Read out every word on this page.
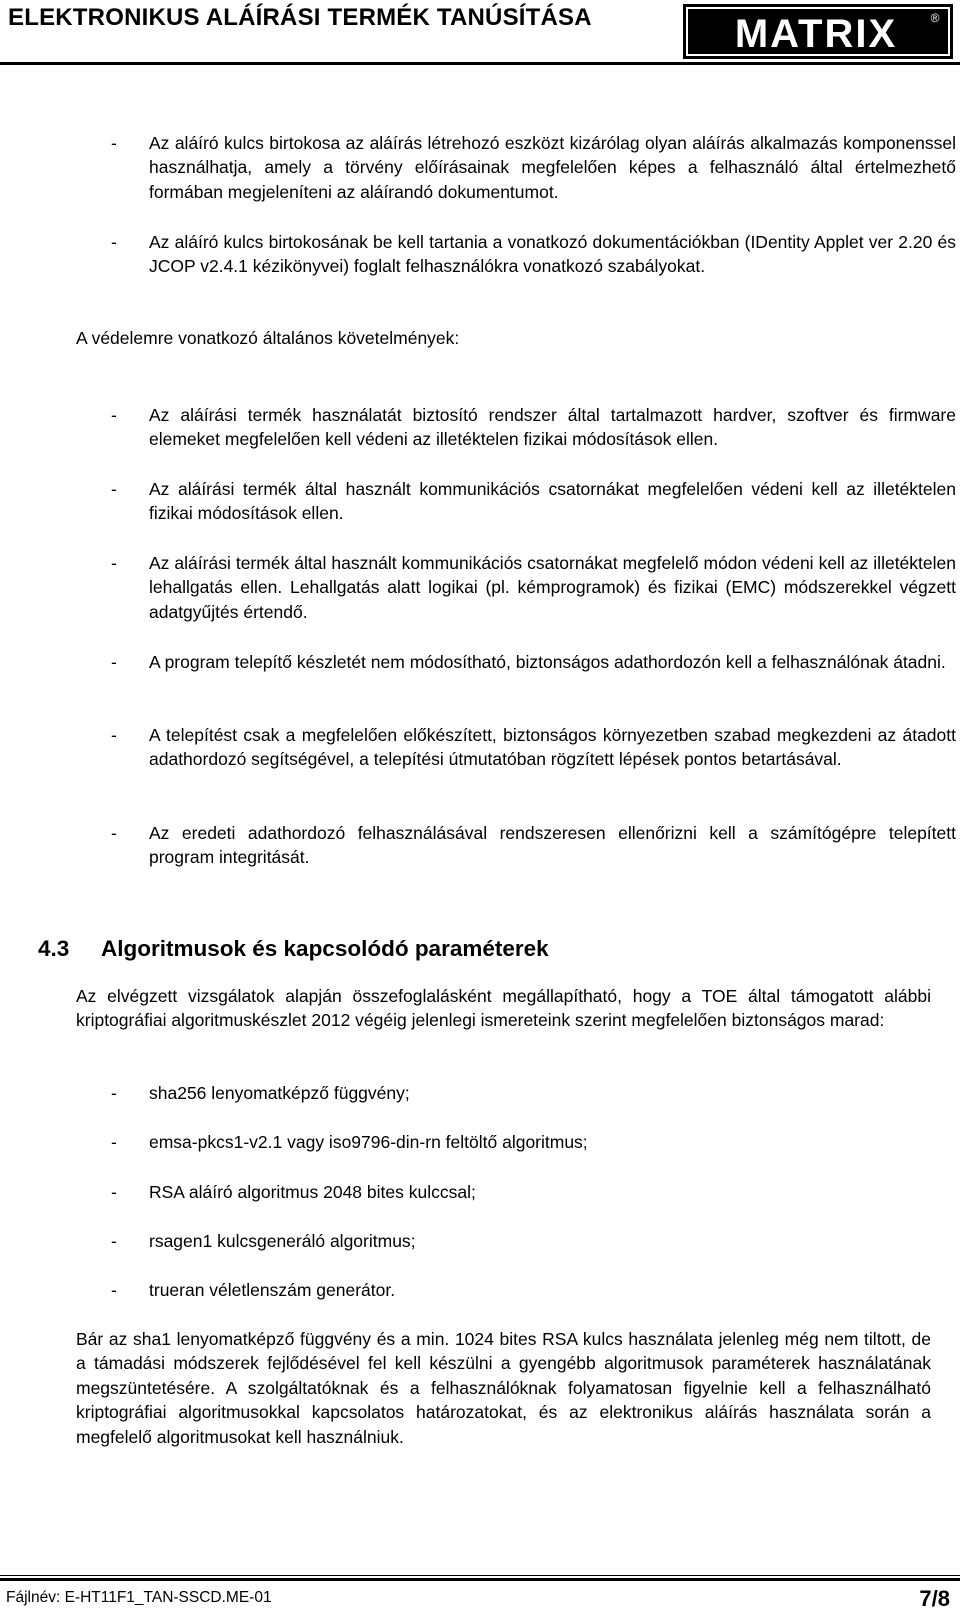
ELEKTRONIKUS ALÁÍRÁSI TERMÉK TANÚSÍTÁSA	MATRIX	®
- Az aláíró kulcs birtokosa az aláírás létrehozó eszközt kizárólag olyan aláírás alkalmazás komponenssel használhatja, amely a törvény előírásainak megfelelően képes a felhasználó által értelmezhető formában megjeleníteni az aláírandó dokumentumot.

- Az aláíró kulcs birtokosának be kell tartania a vonatkozó dokumentációkban (IDentity Applet ver 2.20 és JCOP v2.4.1 kézikönyvei) foglalt felhasználókra vonatkozó szabályokat.

A védelemre vonatkozó általános követelmények:

- Az aláírási termék használatát biztosító rendszer által tartalmazott hardver, szoftver és firmware elemeket megfelelően kell védeni az illetéktelen fizikai módosítások ellen.

- Az aláírási termék által használt kommunikációs csatornákat megfelelően védeni kell az illetéktelen fizikai módosítások ellen.

- Az aláírási termék által használt kommunikációs csatornákat megfelelő módon védeni kell az illetéktelen lehallgatás ellen. Lehallgatás alatt logikai (pl. kémprogramok) és fizikai (EMC) módszerekkel végzett adatgyűjtés értendő.

- A program telepítő készletét nem módosítható, biztonságos adathordozón kell a felhasználónak átadni.

- A telepítést csak a megfelelően előkészített, biztonságos környezetben szabad megkezdeni az átadott adathordozó segítségével, a telepítési útmutatóban rögzített lépések pontos betartásával.

- Az eredeti adathordozó felhasználásával rendszeresen ellenőrizni kell a számítógépre telepített program integritását.

4.3 Algoritmusok és kapcsolódó paraméterek

Az elvégzett vizsgálatok alapján összefoglalásként megállapítható, hogy a TOE által támogatott alábbi kriptográfiai algoritmuskészlet 2012 végéig jelenlegi ismereteink szerint megfelelően biztonságos marad:

- sha256 lenyomatképző függvény;

- emsa-pkcs1-v2.1 vagy iso9796-din-rn feltöltő algoritmus;

- RSA aláíró algoritmus 2048 bites kulccsal;

- rsagen1 kulcsgeneráló algoritmus;

- trueran véletlenszám generátor.

Bár az sha1 lenyomatképző függvény és a min. 1024 bites RSA kulcs használata jelenleg még nem tiltott, de a támadási módszerek fejlődésével fel kell készülni a gyengébb algoritmusok paraméterek használatának megszüntetésére. A szolgáltatóknak és a felhasználóknak folyamatosan figyelnie kell a felhasználható kriptográfiai algoritmusokkal kapcsolatos határozatokat, és az elektronikus aláírás használata során a megfelelő algoritmusokat kell használniuk.

Fájlnév: E-HT11F1_TAN-SSCD.ME-01	7/8
